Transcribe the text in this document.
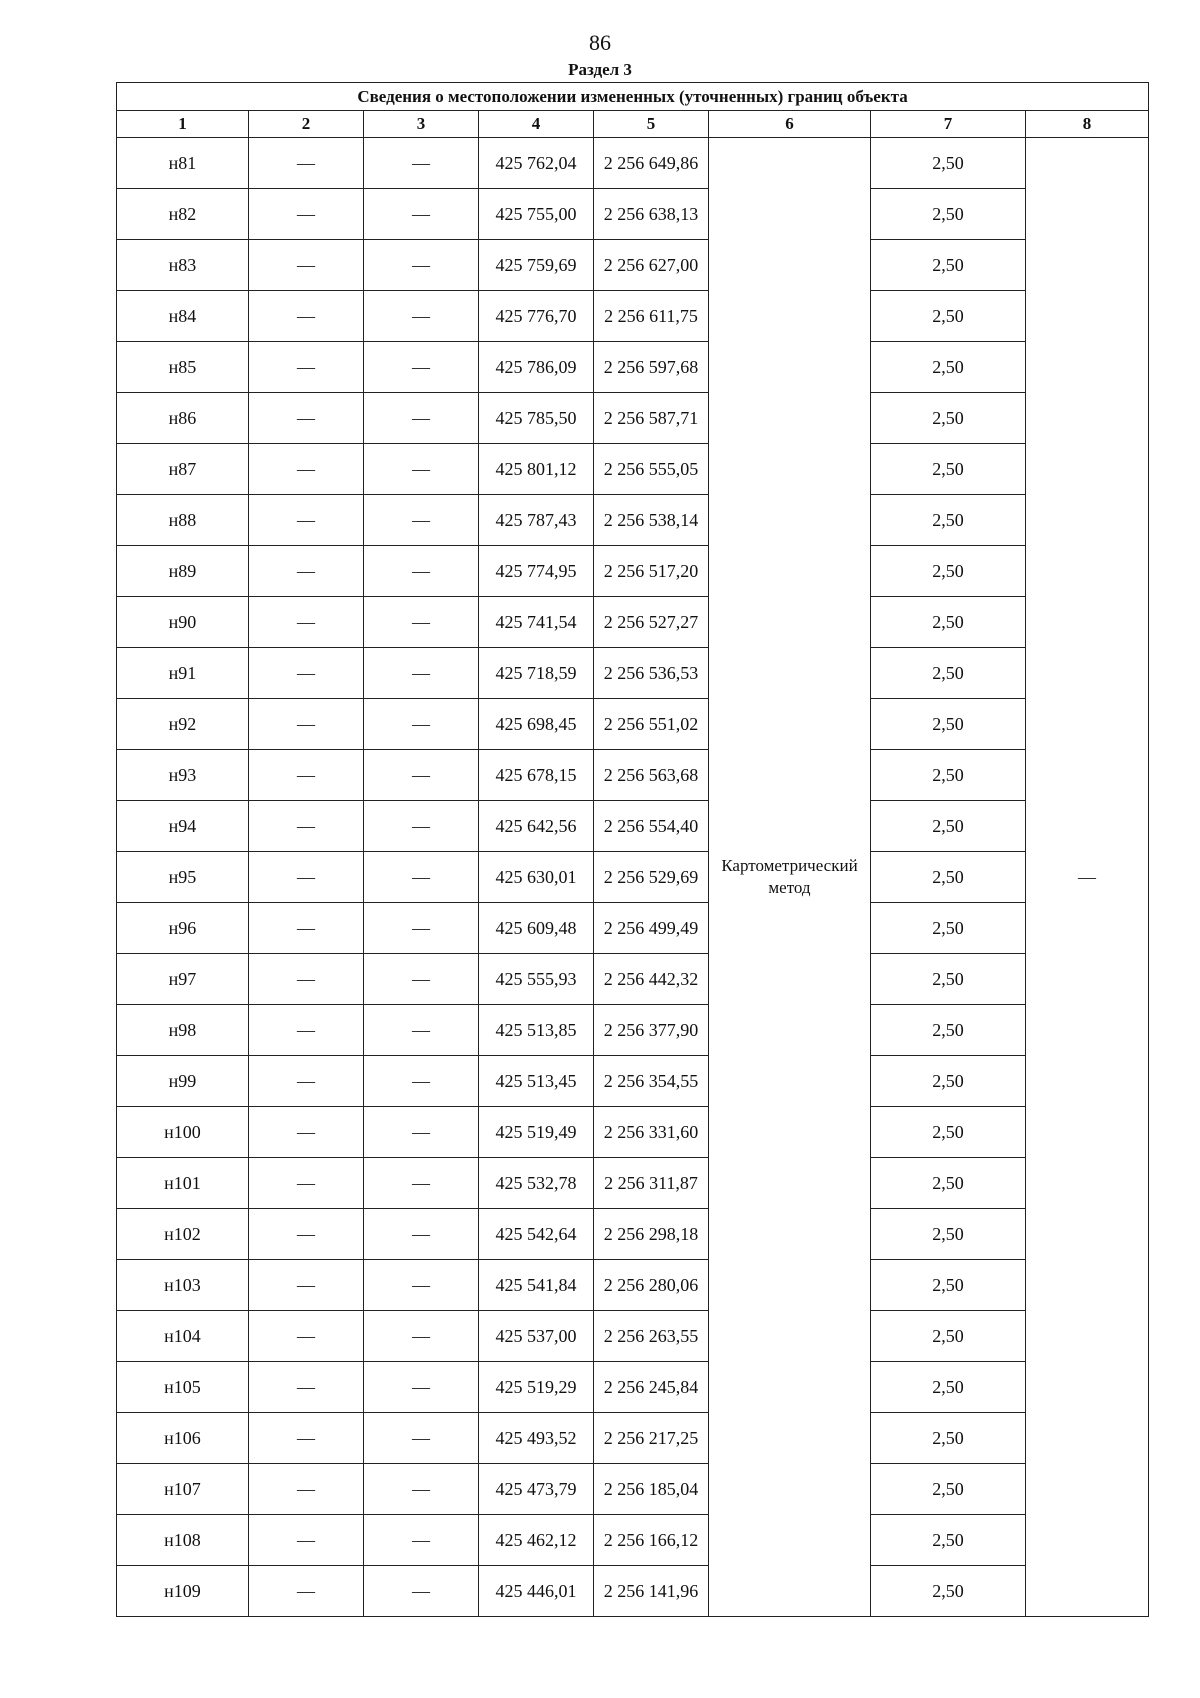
86
Раздел 3
Сведения о местоположении измененных (уточненных) границ объекта							
1	2	3	4	5	6	7	8
н81	—	—	425 762,04	2 256 649,86	Картометрический метод	2,50	—
н82	—	—	425 755,00	2 256 638,13		2,50	
н83	—	—	425 759,69	2 256 627,00		2,50	
н84	—	—	425 776,70	2 256 611,75		2,50	
н85	—	—	425 786,09	2 256 597,68		2,50	
н86	—	—	425 785,50	2 256 587,71		2,50	
н87	—	—	425 801,12	2 256 555,05		2,50	
н88	—	—	425 787,43	2 256 538,14		2,50	
н89	—	—	425 774,95	2 256 517,20		2,50	
н90	—	—	425 741,54	2 256 527,27		2,50	
н91	—	—	425 718,59	2 256 536,53		2,50	
н92	—	—	425 698,45	2 256 551,02		2,50	
н93	—	—	425 678,15	2 256 563,68		2,50	
н94	—	—	425 642,56	2 256 554,40		2,50	
н95	—	—	425 630,01	2 256 529,69		2,50	
н96	—	—	425 609,48	2 256 499,49		2,50	
н97	—	—	425 555,93	2 256 442,32		2,50	
н98	—	—	425 513,85	2 256 377,90		2,50	
н99	—	—	425 513,45	2 256 354,55		2,50	
н100	—	—	425 519,49	2 256 331,60		2,50	
н101	—	—	425 532,78	2 256 311,87		2,50	
н102	—	—	425 542,64	2 256 298,18		2,50	
н103	—	—	425 541,84	2 256 280,06		2,50	
н104	—	—	425 537,00	2 256 263,55		2,50	
н105	—	—	425 519,29	2 256 245,84		2,50	
н106	—	—	425 493,52	2 256 217,25		2,50	
н107	—	—	425 473,79	2 256 185,04		2,50	
н108	—	—	425 462,12	2 256 166,12		2,50	
н109	—	—	425 446,01	2 256 141,96		2,50	
